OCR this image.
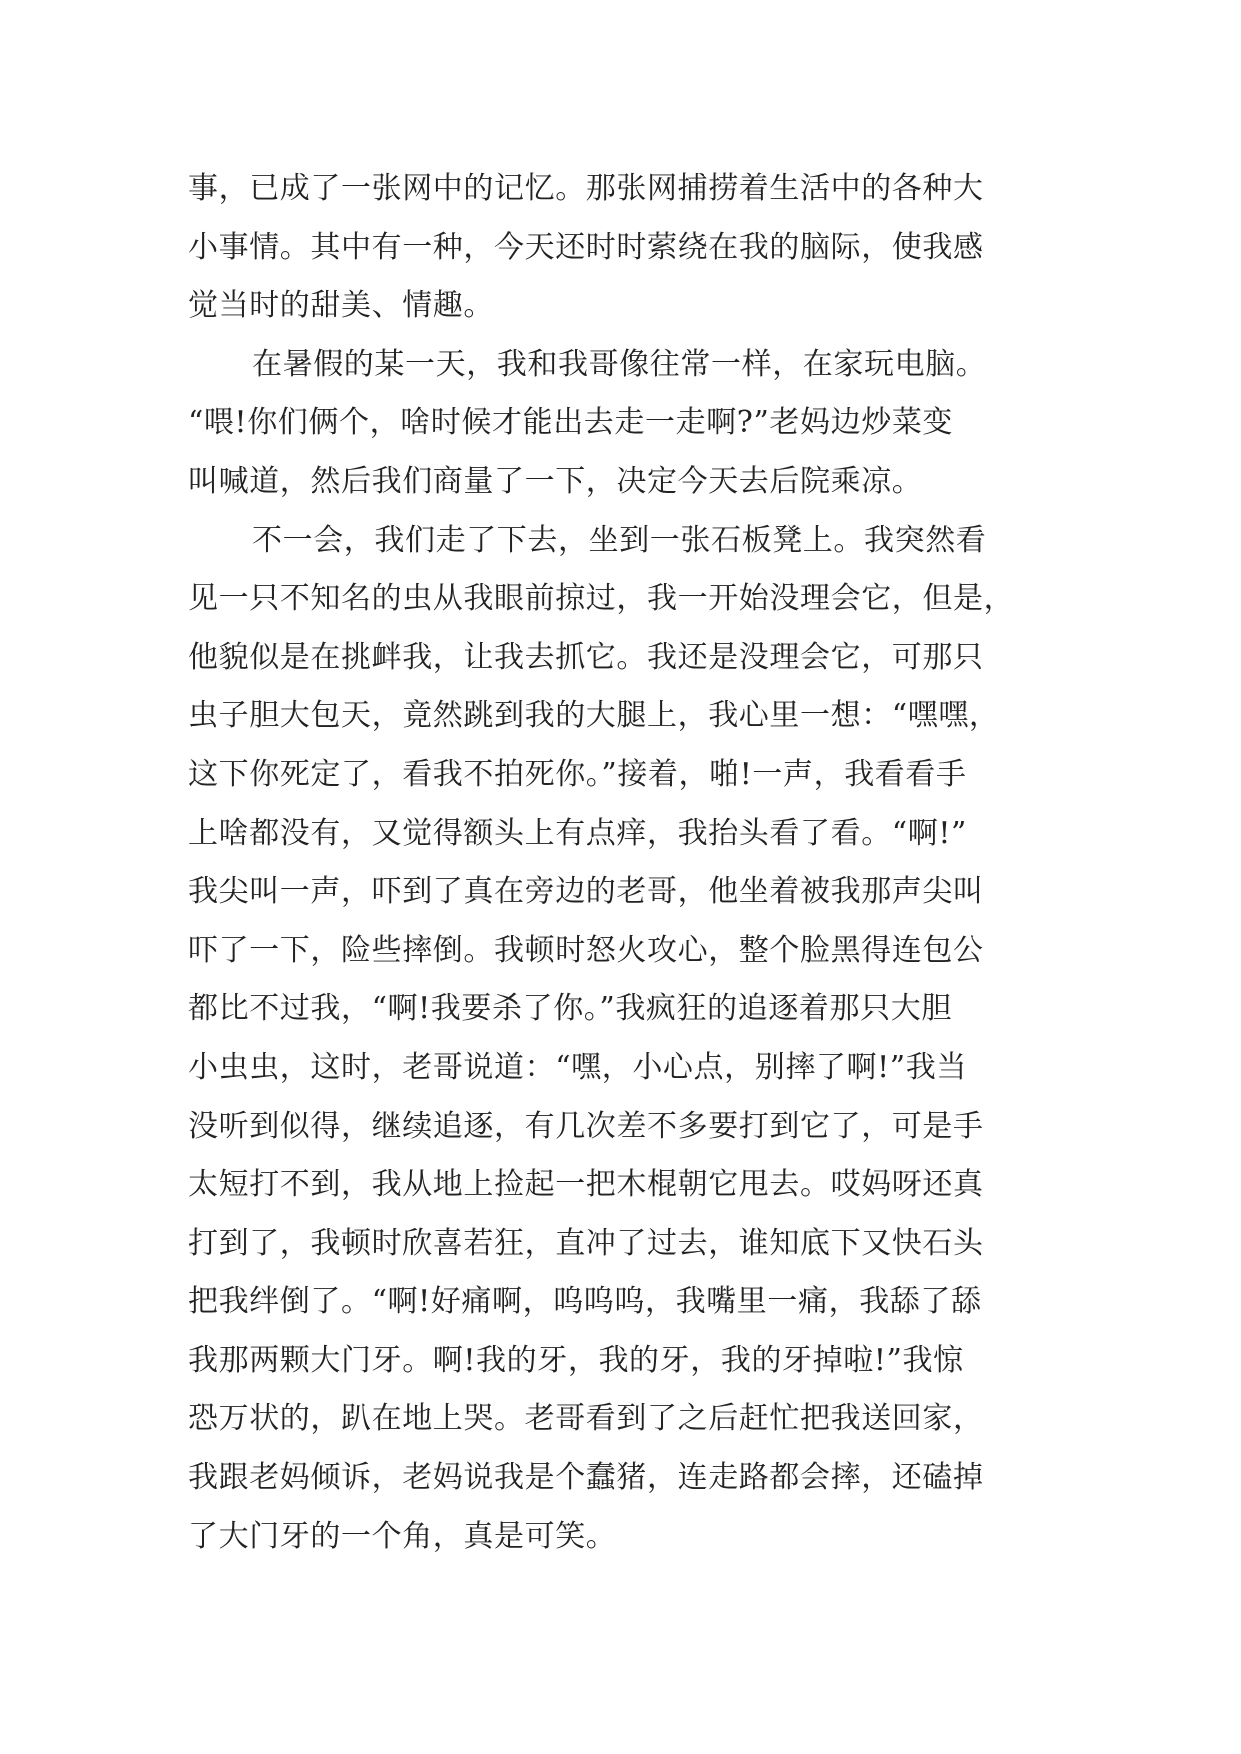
事，已成了一张网中的记忆。那张网捕捞着生活中的各种大
小事情。其中有一种，今天还时时萦绕在我的脑际，使我感
觉当时的甜美、情趣。
在暑假的某一天，我和我哥像往常一样，在家玩电脑。
“喂!你们俩个，啥时候才能出去走一走啊?”老妈边炒菜变
叫喊道，然后我们商量了一下，决定今天去后院乘凉。
不一会，我们走了下去，坐到一张石板凳上。我突然看
见一只不知名的虫从我眼前掠过，我一开始没理会它，但是，
他貌似是在挑衅我，让我去抓它。我还是没理会它，可那只
虫子胆大包天，竟然跳到我的大腿上，我心里一想：“嘿嘿，
这下你死定了，看我不拍死你。”接着，啪!一声，我看看手
上啥都没有，又觉得额头上有点痒，我抬头看了看。“啊!”
我尖叫一声，吓到了真在旁边的老哥，他坐着被我那声尖叫
吓了一下，险些摔倒。我顿时怒火攻心，整个脸黑得连包公
都比不过我，“啊!我要杀了你。”我疯狂的追逐着那只大胆
小虫虫，这时，老哥说道：“嘿，小心点，别摔了啊!”我当
没听到似得，继续追逐，有几次差不多要打到它了，可是手
太短打不到，我从地上捡起一把木棍朝它甩去。哎妈呀还真
打到了，我顿时欣喜若狂，直冲了过去，谁知底下又快石头
把我绊倒了。“啊!好痛啊，呜呜呜，我嘴里一痛，我舔了舔
我那两颗大门牙。啊!我的牙，我的牙，我的牙掉啦!”我惊
恐万状的，趴在地上哭。老哥看到了之后赶忙把我送回家，
我跟老妈倾诉，老妈说我是个蠢猪，连走路都会摔，还磕掉
了大门牙的一个角，真是可笑。
